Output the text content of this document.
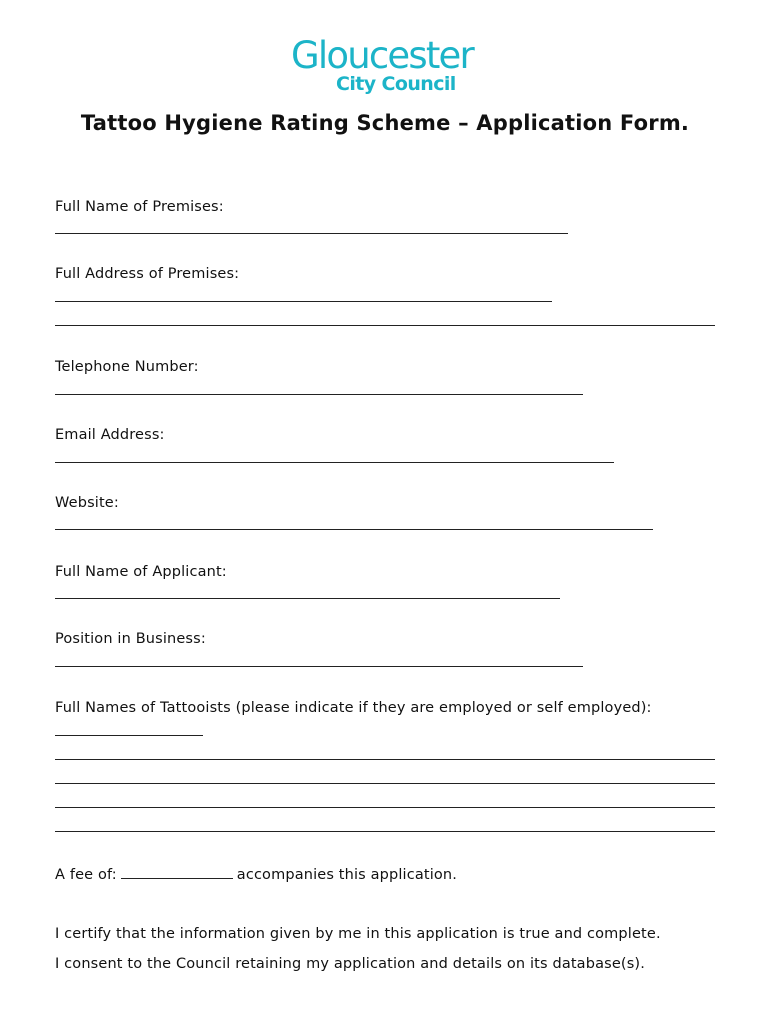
Gloucester
City Council
Tattoo Hygiene Rating Scheme – Application Form.
Full Name of Premises:
Full Address of Premises:
Telephone Number:
Email Address:
Website:
Full Name of Applicant:
Position in Business:
Full Names of Tattooists (please indicate if they are employed or self employed):
A fee of:	accompanies this application.
I certify that the information given by me in this application is true and complete.
I consent to the Council retaining my application and details on its database(s).
